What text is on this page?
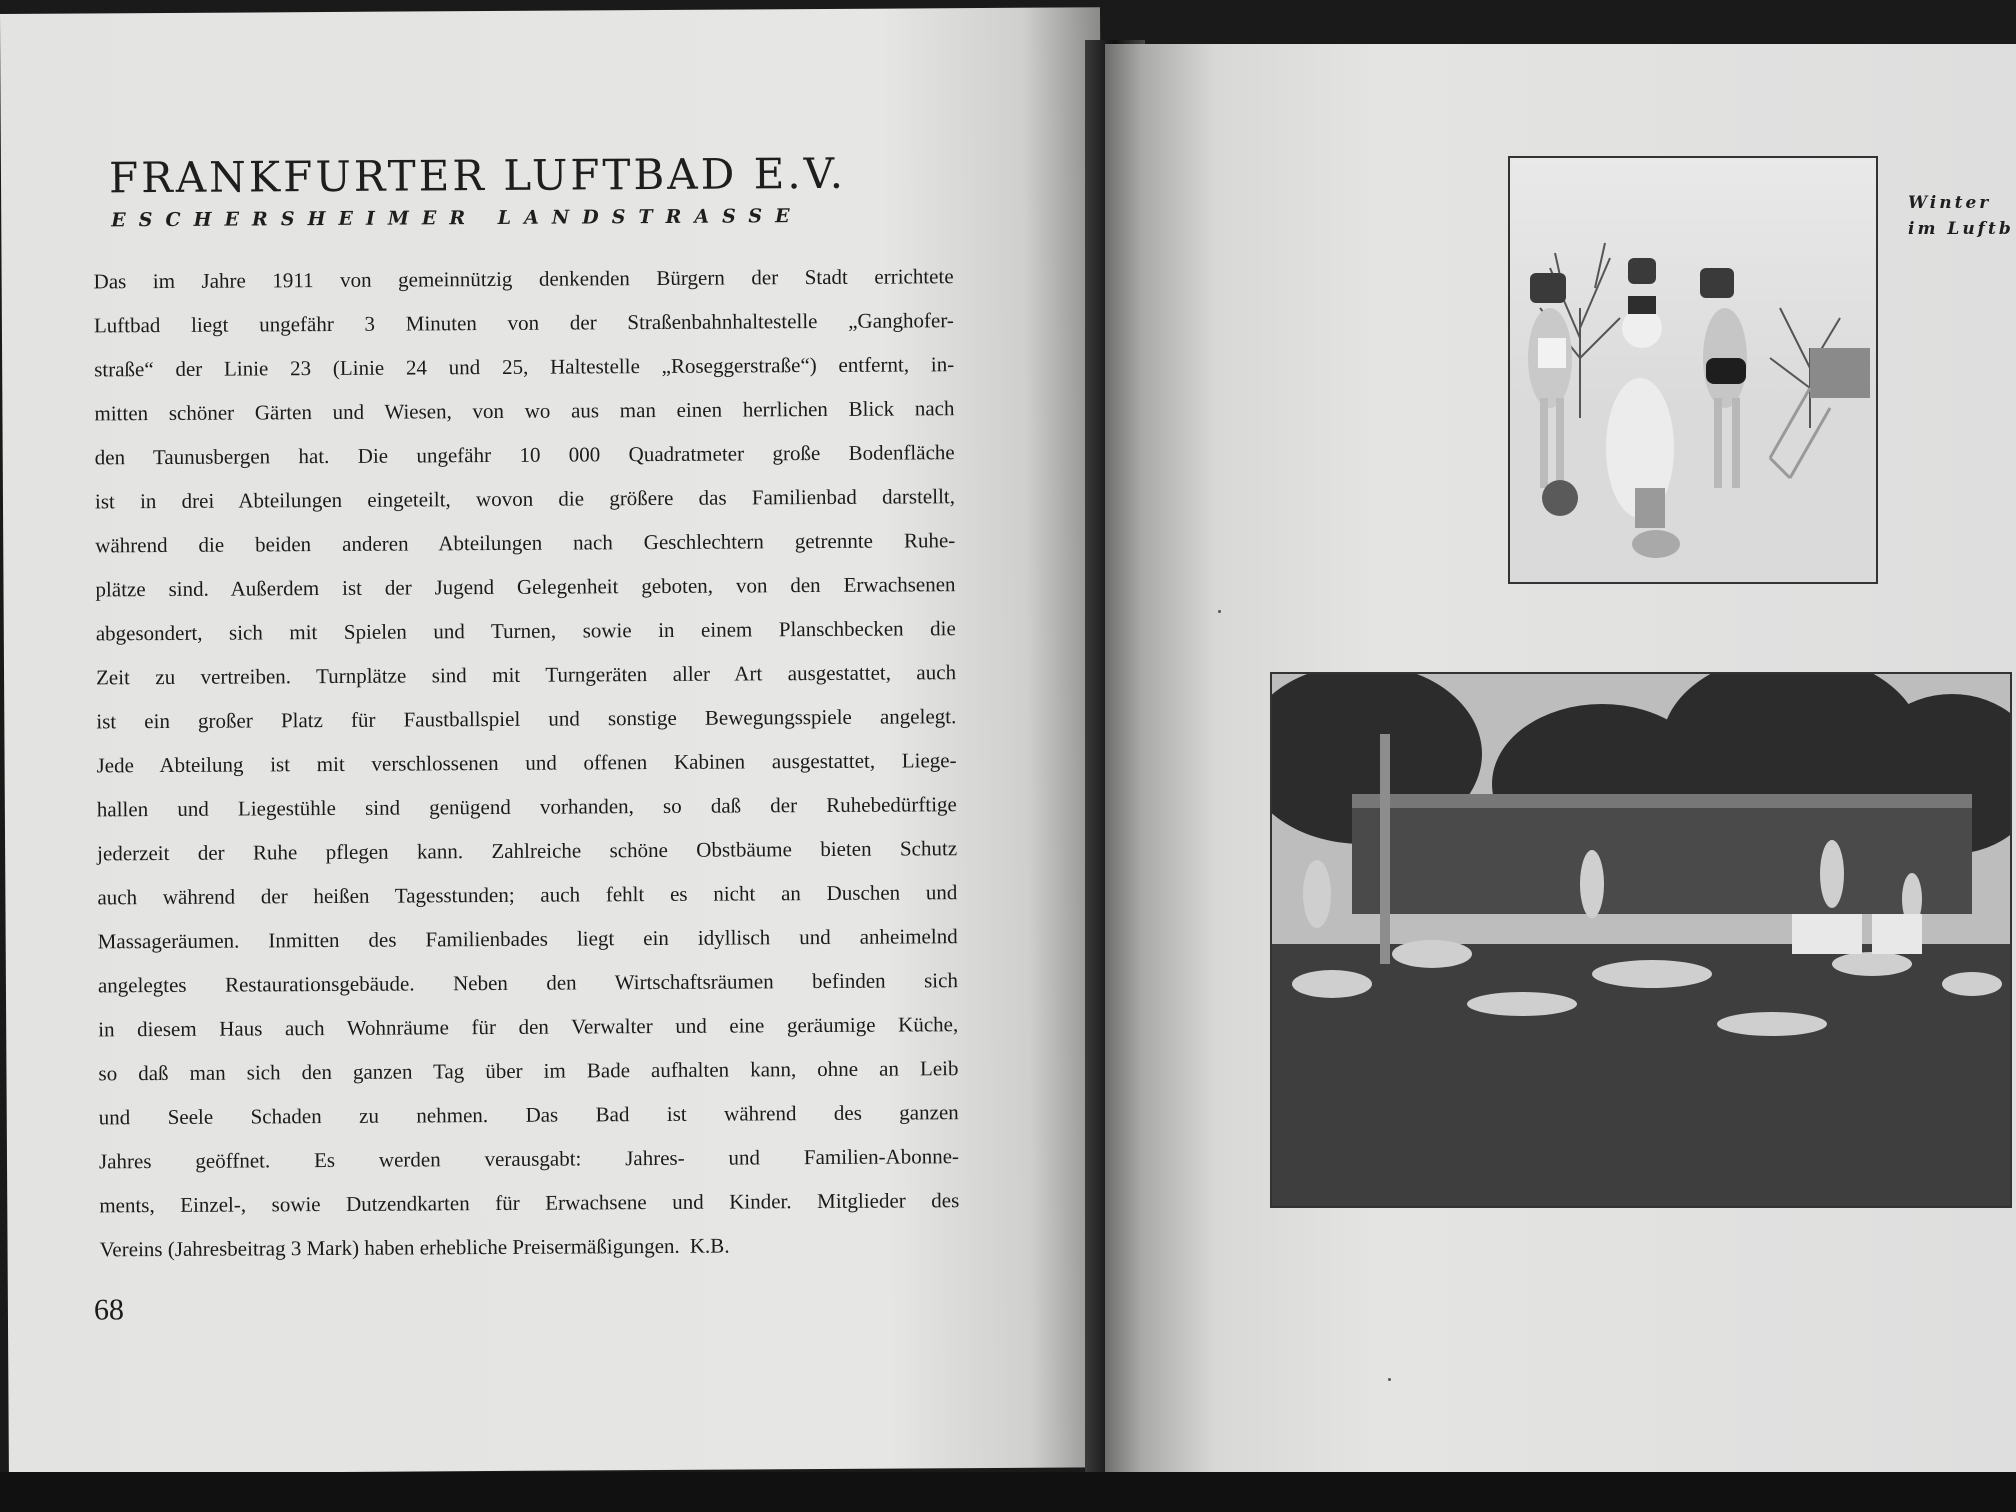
FRANKFURTER LUFTBAD E.V.
ESCHERSHEIMER LANDSTRASSE
Das im Jahre 1911 von gemeinnützig denkenden Bürgern der Stadt errichtete
Luftbad liegt ungefähr 3 Minuten von der Straßenbahnhaltestelle „Ganghofer-
straße“ der Linie 23 (Linie 24 und 25, Haltestelle „Roseggerstraße“) entfernt, in-
mitten schöner Gärten und Wiesen, von wo aus man einen herrlichen Blick nach
den Taunusbergen hat. Die ungefähr 10 000 Quadratmeter große Bodenfläche
ist in drei Abteilungen eingeteilt, wovon die größere das Familienbad darstellt,
während die beiden anderen Abteilungen nach Geschlechtern getrennte Ruhe-
plätze sind. Außerdem ist der Jugend Gelegenheit geboten, von den Erwachsenen
abgesondert, sich mit Spielen und Turnen, sowie in einem Planschbecken die
Zeit zu vertreiben. Turnplätze sind mit Turngeräten aller Art ausgestattet, auch
ist ein großer Platz für Faustballspiel und sonstige Bewegungsspiele angelegt.
Jede Abteilung ist mit verschlossenen und offenen Kabinen ausgestattet, Liege-
hallen und Liegestühle sind genügend vorhanden, so daß der Ruhebedürftige
jederzeit der Ruhe pflegen kann. Zahlreiche schöne Obstbäume bieten Schutz
auch während der heißen Tagesstunden; auch fehlt es nicht an Duschen und
Massageräumen. Inmitten des Familienbades liegt ein idyllisch und anheimelnd
angelegtes Restaurationsgebäude. Neben den Wirtschaftsräumen befinden sich
in diesem Haus auch Wohnräume für den Verwalter und eine geräumige Küche,
so daß man sich den ganzen Tag über im Bade aufhalten kann, ohne an Leib
und Seele Schaden zu nehmen. Das Bad ist während des ganzen
Jahres geöffnet. Es werden verausgabt: Jahres- und Familien-Abonne-
ments, Einzel-, sowie Dutzendkarten für Erwachsene und Kinder. Mitglieder des
Vereins (Jahresbeitrag 3 Mark) haben erhebliche Preisermäßigungen. K.B.
68
Winter
im Luftb
